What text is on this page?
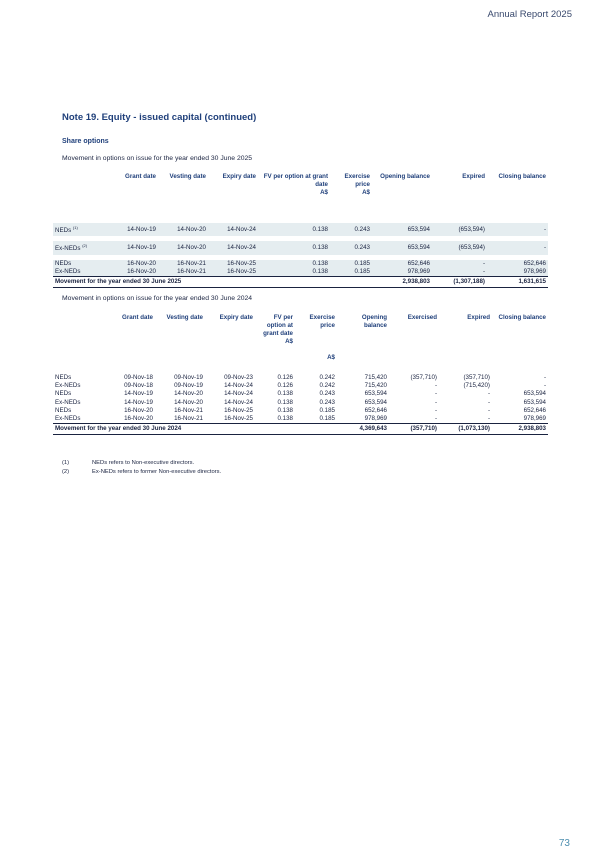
Annual Report 2025
Note 19. Equity - issued capital (continued)
Share options
Movement in options on issue for the year ended 30 June 2025
	Grant date	Vesting date	Expiry date	FV per option at grant date
A$	Exercise price
A$	Opening balance	Expired	Closing balance
NEDs $^{(1)}$	14-Nov-19	14-Nov-20	14-Nov-24	0.138	0.243	653,594	(653,594)	-

Ex-NEDs $^{(2)}$	14-Nov-19	14-Nov-20	14-Nov-24	0.138	0.243	653,594	(653,594)	-

NEDs	16-Nov-20	16-Nov-21	16-Nov-25	0.138	0.185	652,646	-	652,646
Ex-NEDs	16-Nov-20	16-Nov-21	16-Nov-25	0.138	0.185	978,969	-	978,969
Movement for the year ended 30 June 2025						2,938,803	(1,307,188)	1,631,615
Movement in options on issue for the year ended 30 June 2024
	Grant date	Vesting date	Expiry date	FV per option at grant date
A$	Exercise price
A$	Opening balance	Exercised	Expired	Closing balance
NEDs	09-Nov-18	09-Nov-19	09-Nov-23	0.126	0.242	715,420	(357,710)	(357,710)	-
Ex-NEDs	09-Nov-18	09-Nov-19	14-Nov-24	0.126	0.242	715,420	-	(715,420)	-
NEDs	14-Nov-19	14-Nov-20	14-Nov-24	0.138	0.243	653,594	-	-	653,594
Ex-NEDs	14-Nov-19	14-Nov-20	14-Nov-24	0.138	0.243	653,594	-	-	653,594
NEDs	16-Nov-20	16-Nov-21	16-Nov-25	0.138	0.185	652,646	-	-	652,646
Ex-NEDs	16-Nov-20	16-Nov-21	16-Nov-25	0.138	0.185	978,969	-	-	978,969
Movement for the year ended 30 June 2024						4,369,643	(357,710)	(1,073,130)	2,938,803
(1)	NEDs refers to Non-executive directors.
(2)	Ex-NEDs refers to former Non-executive directors.
73
